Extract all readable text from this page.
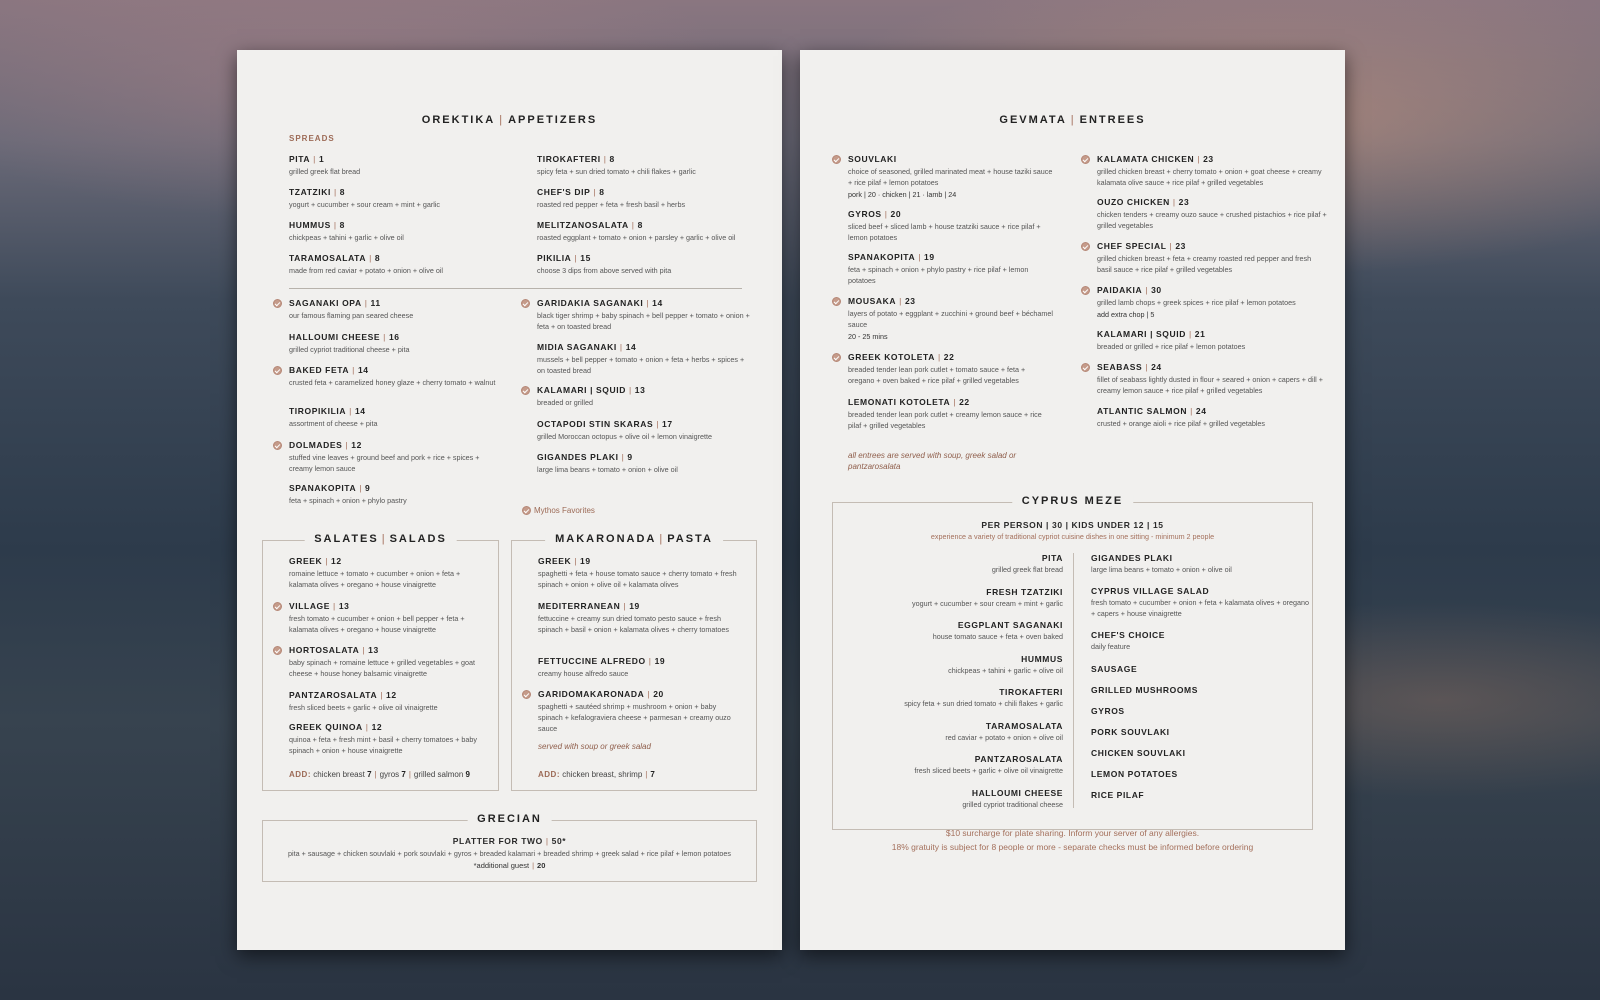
OREKTIKA | APPETIZERS
SPREADS
Mythos Favorites
SALATES | SALADS
ADD: chicken breast 7 | gyros 7 | grilled salmon 9
GREEK | 12
romaine lettuce + tomato + cucumber + onion + feta + kalamata olives + oregano + house vinaigrette
VILLAGE | 13
fresh tomato + cucumber + onion + bell pepper + feta + kalamata olives + oregano + house vinaigrette
HORTOSALATA | 13
baby spinach + romaine lettuce + grilled vegetables + goat cheese + house honey balsamic vinaigrette
PANTZAROSALATA | 12
fresh sliced beets + garlic + olive oil vinaigrette
GREEK QUINOA | 12
quinoa + feta + fresh mint + basil + cherry tomatoes + baby spinach + onion + house vinaigrette
MAKARONADA | PASTA
served with soup or greek salad
ADD: chicken breast, shrimp | 7
GREEK | 19
spaghetti + feta + house tomato sauce + cherry tomato + fresh spinach + onion + olive oil + kalamata olives
MEDITERRANEAN | 19
fettuccine + creamy sun dried tomato pesto sauce + fresh spinach + basil + onion + kalamata olives + cherry tomatoes
FETTUCCINE ALFREDO | 19
creamy house alfredo sauce
GARIDOMAKARONADA | 20
spaghetti + sautéed shrimp + mushroom + onion + baby spinach + kefalograviera cheese + parmesan + creamy ouzo sauce
GRECIAN
PLATTER FOR TWO | 50*
pita + sausage + chicken souvlaki + pork souvlaki + gyros + breaded kalamari + breaded shrimp + greek salad + rice pilaf + lemon potatoes
*additional guest | 20
PITA | 1
grilled greek flat bread
TZATZIKI | 8
yogurt + cucumber + sour cream + mint + garlic
HUMMUS | 8
chickpeas + tahini + garlic + olive oil
TARAMOSALATA | 8
made from red caviar + potato + onion + olive oil
TIROKAFTERI | 8
spicy feta + sun dried tomato + chili flakes + garlic
CHEF'S DIP | 8
roasted red pepper + feta + fresh basil + herbs
MELITZANOSALATA | 8
roasted eggplant + tomato + onion + parsley + garlic + olive oil
PIKILIA | 15
choose 3 dips from above served with pita
SAGANAKI OPA | 11
our famous flaming pan seared cheese
HALLOUMI CHEESE | 16
grilled cypriot traditional cheese + pita
BAKED FETA | 14
crusted feta + caramelized honey glaze + cherry tomato + walnut
TIROPIKILIA | 14
assortment of cheese + pita
DOLMADES | 12
stuffed vine leaves + ground beef and pork + rice + spices + creamy lemon sauce
SPANAKOPITA | 9
feta + spinach + onion + phylo pastry
GARIDAKIA SAGANAKI | 14
black tiger shrimp + baby spinach + bell pepper + tomato + onion + feta + on toasted bread
MIDIA SAGANAKI | 14
mussels + bell pepper + tomato + onion + feta + herbs + spices + on toasted bread
KALAMARI | SQUID | 13
breaded or grilled
OCTAPODI STIN SKARAS | 17
grilled Moroccan octopus + olive oil + lemon vinaigrette
GIGANDES PLAKI | 9
large lima beans + tomato + onion + olive oil
GEVMATA | ENTREES
all entrees are served with soup, greek salad or pantzarosalata
CYPRUS MEZE
PER PERSON | 30 | KIDS UNDER 12 | 15
experience a variety of traditional cypriot cuisine dishes in one sitting - minimum 2 people
PITA
grilled greek flat bread
FRESH TZATZIKI
yogurt + cucumber + sour cream + mint + garlic
EGGPLANT SAGANAKI
house tomato sauce + feta + oven baked
HUMMUS
chickpeas + tahini + garlic + olive oil
TIROKAFTERI
spicy feta + sun dried tomato + chili flakes + garlic
TARAMOSALATA
red caviar + potato + onion + olive oil
PANTZAROSALATA
fresh sliced beets + garlic + olive oil vinaigrette
HALLOUMI CHEESE
grilled cypriot traditional cheese
GIGANDES PLAKI
large lima beans + tomato + onion + olive oil
CYPRUS VILLAGE SALAD
fresh tomato + cucumber + onion + feta + kalamata olives + oregano + capers + house vinaigrette
CHEF'S CHOICE
daily feature
SAUSAGE
GRILLED MUSHROOMS
GYROS
PORK SOUVLAKI
CHICKEN SOUVLAKI
LEMON POTATOES
RICE PILAF
$10 surcharge for plate sharing. Inform your server of any allergies.
18% gratuity is subject for 8 people or more - separate checks must be informed before ordering
SOUVLAKI
choice of seasoned, grilled marinated meat + house taziki sauce + rice pilaf + lemon potatoes
pork | 20 · chicken | 21 · lamb | 24
GYROS | 20
sliced beef + sliced lamb + house tzatziki sauce + rice pilaf + lemon potatoes
SPANAKOPITA | 19
feta + spinach + onion + phylo pastry + rice pilaf + lemon potatoes
MOUSAKA | 23
layers of potato + eggplant + zucchini + ground beef + béchamel sauce
20 - 25 mins
GREEK KOTOLETA | 22
breaded tender lean pork cutlet + tomato sauce + feta + oregano + oven baked + rice pilaf + grilled vegetables
LEMONATI KOTOLETA | 22
breaded tender lean pork cutlet + creamy lemon sauce + rice pilaf + grilled vegetables
KALAMATA CHICKEN | 23
grilled chicken breast + cherry tomato + onion + goat cheese + creamy kalamata olive sauce + rice pilaf + grilled vegetables
OUZO CHICKEN | 23
chicken tenders + creamy ouzo sauce + crushed pistachios + rice pilaf + grilled vegetables
CHEF SPECIAL | 23
grilled chicken breast + feta + creamy roasted red pepper and fresh basil sauce + rice pilaf + grilled vegetables
PAIDAKIA | 30
grilled lamb chops + greek spices + rice pilaf + lemon potatoes
add extra chop | 5
KALAMARI | SQUID | 21
breaded or grilled + rice pilaf + lemon potatoes
SEABASS | 24
fillet of seabass lightly dusted in flour + seared + onion + capers + dill + creamy lemon sauce + rice pilaf + grilled vegetables
ATLANTIC SALMON | 24
crusted + orange aioli + rice pilaf + grilled vegetables
